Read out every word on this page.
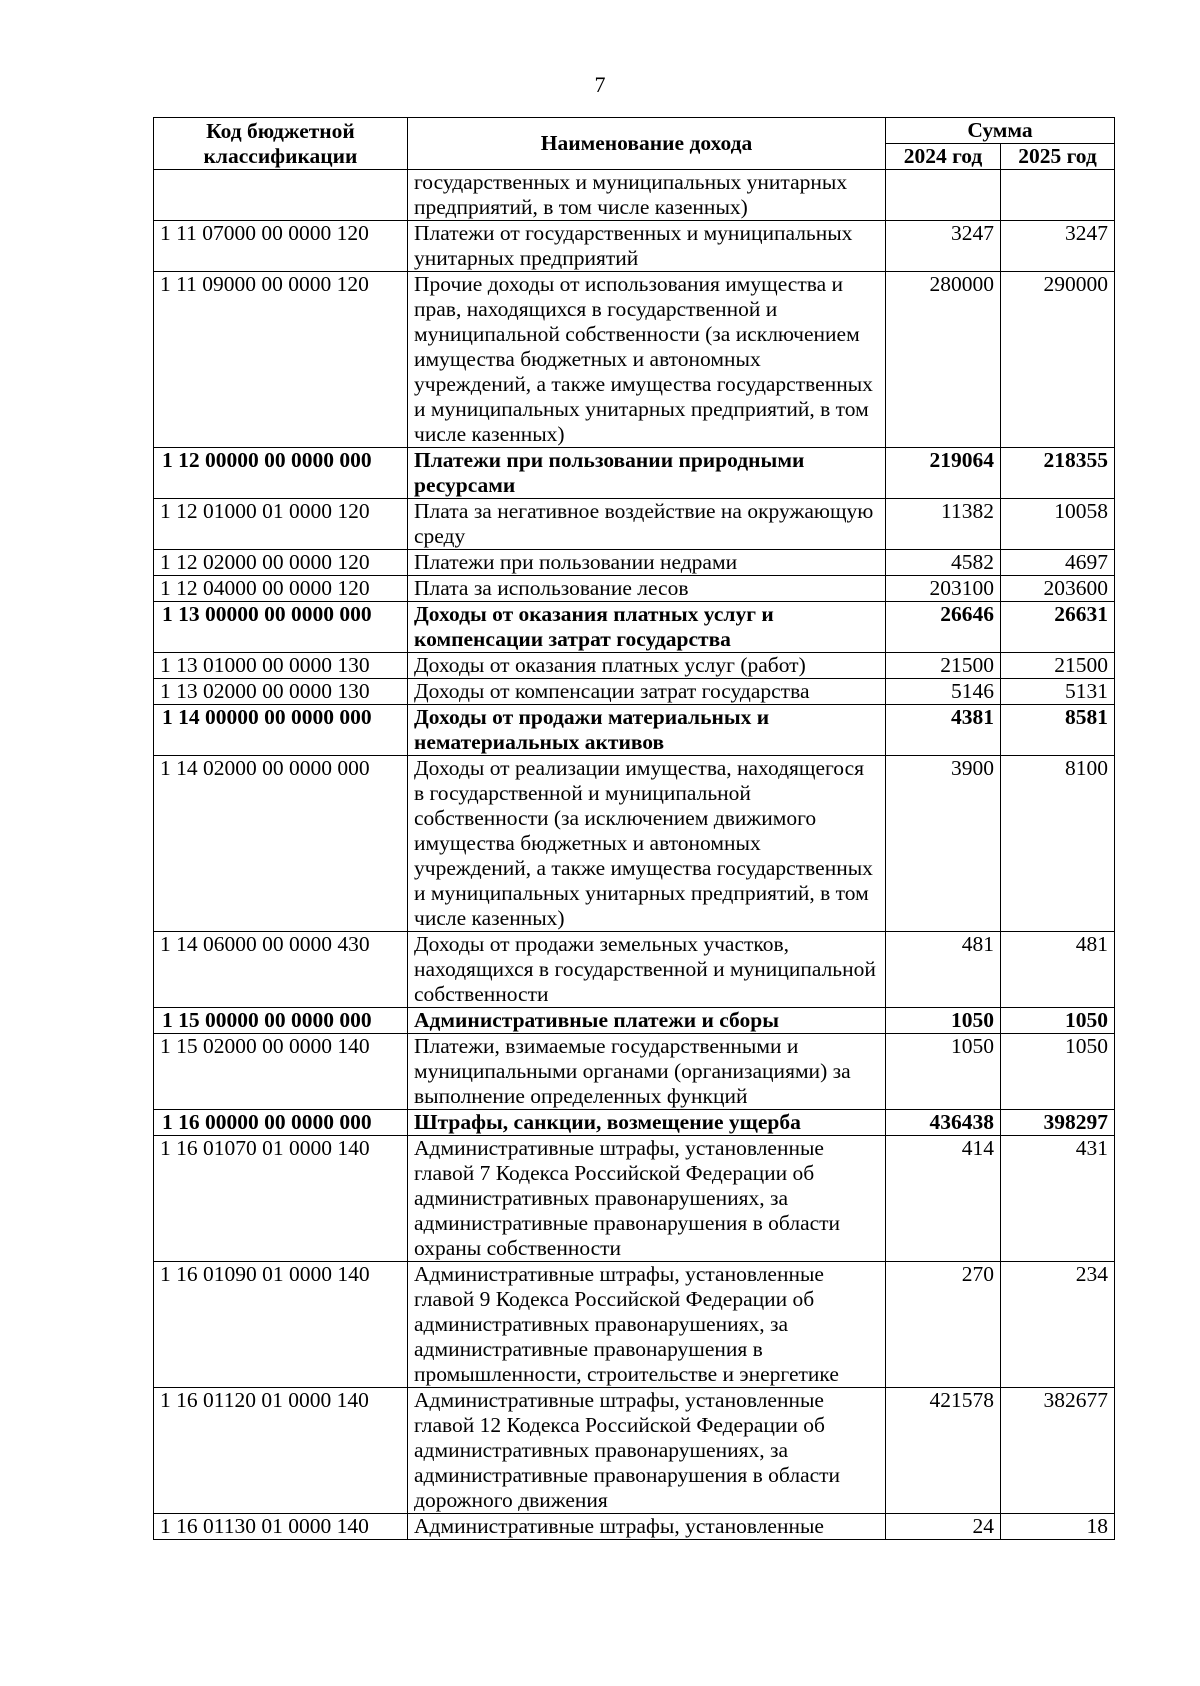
7
Код бюджетной классификации	Наименование дохода	Сумма	
		2024 год	2025 год
	государственных и муниципальных унитарных предприятий, в том числе казенных)		
1 11 07000 00 0000 120	Платежи от государственных и муниципальных унитарных предприятий	3247	3247
1 11 09000 00 0000 120	Прочие доходы от использования имущества и прав, находящихся в государственной и муниципальной собственности (за исключением имущества бюджетных и автономных учреждений, а также имущества государственных и муниципальных унитарных предприятий, в том числе казенных)	280000	290000
1 12 00000 00 0000 000	Платежи при пользовании природными ресурсами	219064	218355
1 12 01000 01 0000 120	Плата за негативное воздействие на окружающую среду	11382	10058
1 12 02000 00 0000 120	Платежи при пользовании недрами	4582	4697
1 12 04000 00 0000 120	Плата за использование лесов	203100	203600
1 13 00000 00 0000 000	Доходы от оказания платных услуг и компенсации затрат государства	26646	26631
1 13 01000 00 0000 130	Доходы от оказания платных услуг (работ)	21500	21500
1 13 02000 00 0000 130	Доходы от компенсации затрат государства	5146	5131
1 14 00000 00 0000 000	Доходы от продажи материальных и нематериальных активов	4381	8581
1 14 02000 00 0000 000	Доходы от реализации имущества, находящегося в государственной и муниципальной собственности (за исключением движимого имущества бюджетных и автономных учреждений, а также имущества государственных и муниципальных унитарных предприятий, в том числе казенных)	3900	8100
1 14 06000 00 0000 430	Доходы от продажи земельных участков, находящихся в государственной и муниципальной собственности	481	481
1 15 00000 00 0000 000	Административные платежи и сборы	1050	1050
1 15 02000 00 0000 140	Платежи, взимаемые государственными и муниципальными органами (организациями) за выполнение определенных функций	1050	1050
1 16 00000 00 0000 000	Штрафы, санкции, возмещение ущерба	436438	398297
1 16 01070 01 0000 140	Административные штрафы, установленные главой 7 Кодекса Российской Федерации об административных правонарушениях, за административные правонарушения в области охраны собственности	414	431
1 16 01090 01 0000 140	Административные штрафы, установленные главой 9 Кодекса Российской Федерации об административных правонарушениях, за административные правонарушения в промышленности, строительстве и энергетике	270	234
1 16 01120 01 0000 140	Административные штрафы, установленные главой 12 Кодекса Российской Федерации об административных правонарушениях, за административные правонарушения в области дорожного движения	421578	382677
1 16 01130 01 0000 140	Административные штрафы, установленные	24	18
